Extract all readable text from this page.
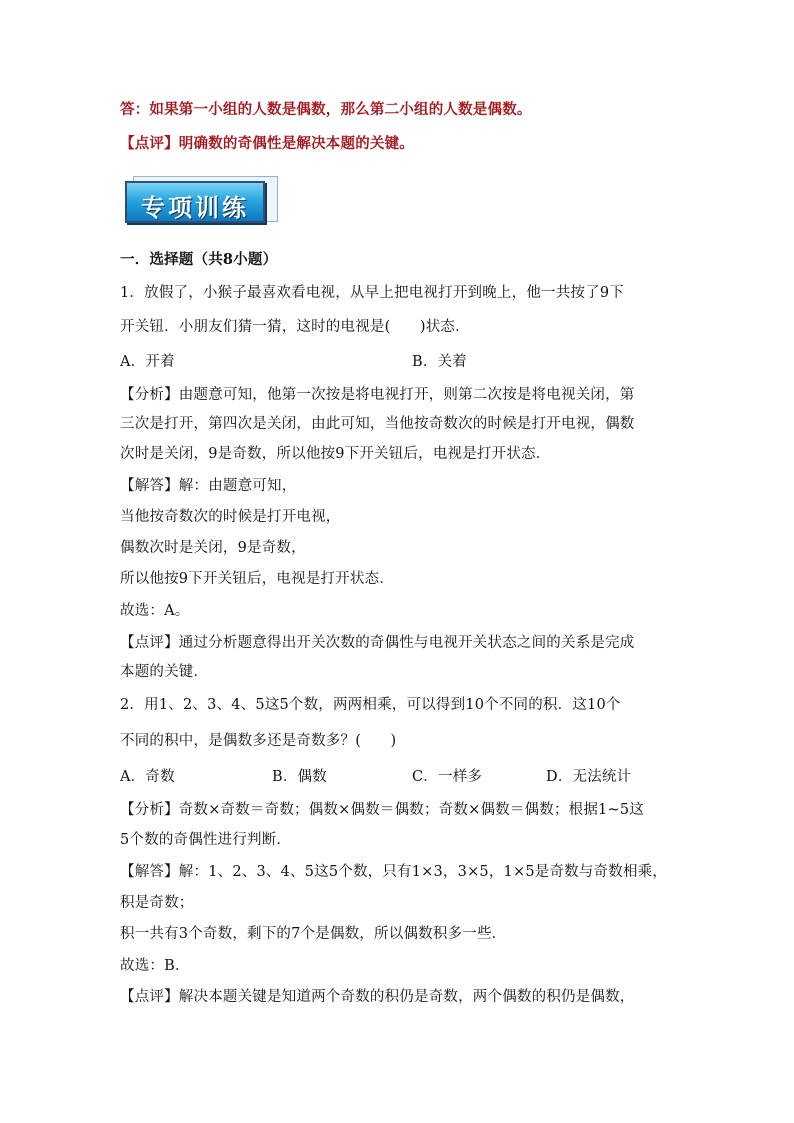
答：如果第一小组的人数是偶数，那么第二小组的人数是偶数。
【点评】明确数的奇偶性是解决本题的关键。
专项训练
一．选择题（共8小题）
1．放假了，小猴子最喜欢看电视，从早上把电视打开到晚上，他一共按了9下
开关钮．小朋友们猜一猜，这时的电视是(　　)状态．
A．开着	B．关着
【分析】由题意可知，他第一次按是将电视打开，则第二次按是将电视关闭，第
三次是打开，第四次是关闭，由此可知，当他按奇数次的时候是打开电视，偶数
次时是关闭，9是奇数，所以他按9下开关钮后，电视是打开状态．
【解答】解：由题意可知，
当他按奇数次的时候是打开电视，
偶数次时是关闭，9是奇数，
所以他按9下开关钮后，电视是打开状态．
故选：A。
【点评】通过分析题意得出开关次数的奇偶性与电视开关状态之间的关系是完成
本题的关键．
2．用1、2、3、4、5这5个数，两两相乘，可以得到10个不同的积．这10个
不同的积中，是偶数多还是奇数多？(　　)
A．奇数	B．偶数	C．一样多	D．无法统计
【分析】奇数×奇数＝奇数；偶数×偶数＝偶数；奇数×偶数＝偶数；根据1~5这
5个数的奇偶性进行判断．
【解答】解：1、2、3、4、5这5个数，只有1×3，3×5，1×5是奇数与奇数相乘，
积是奇数；
积一共有3个奇数，剩下的7个是偶数，所以偶数积多一些．
故选：B．
【点评】解决本题关键是知道两个奇数的积仍是奇数，两个偶数的积仍是偶数，
